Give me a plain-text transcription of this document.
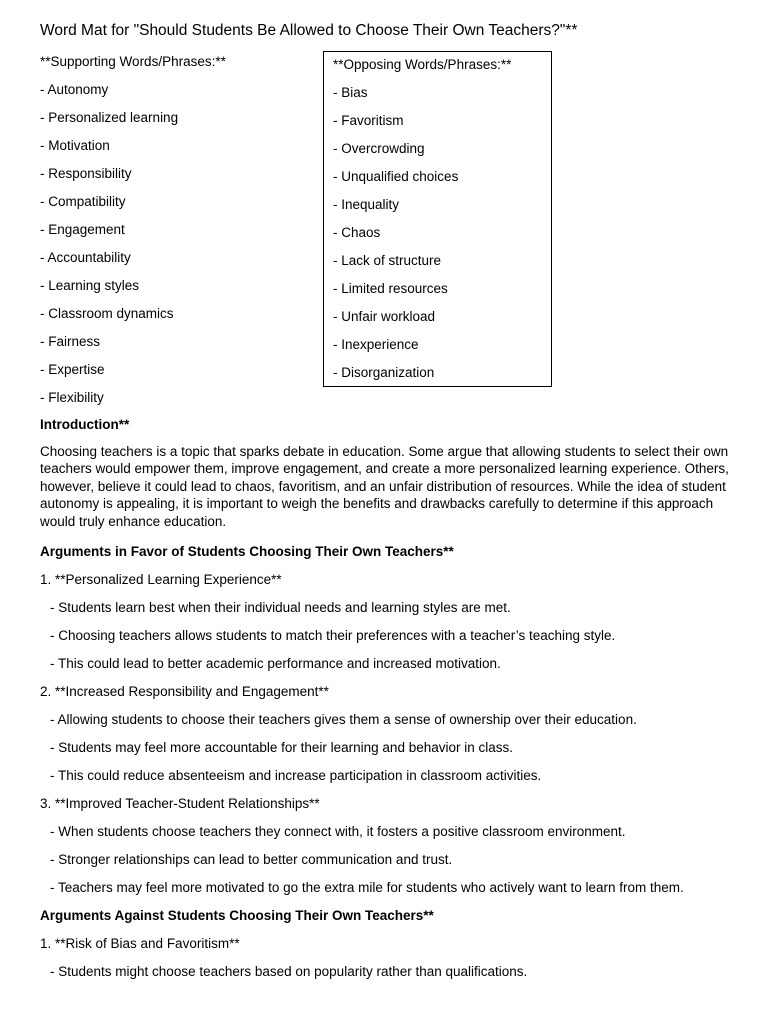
Word Mat for "Should Students Be Allowed to Choose Their Own Teachers?"**
**Supporting Words/Phrases:**
- Autonomy
- Personalized learning
- Motivation
- Responsibility
- Compatibility
- Engagement
- Accountability
- Learning styles
- Classroom dynamics
- Fairness
- Expertise
- Flexibility
**Opposing Words/Phrases:**
- Bias
- Favoritism
- Overcrowding
- Unqualified choices
- Inequality
- Chaos
- Lack of structure
- Limited resources
- Unfair workload
- Inexperience
- Disorganization
Introduction**
Choosing teachers is a topic that sparks debate in education. Some argue that allowing students to select their own teachers would empower them, improve engagement, and create a more personalized learning experience. Others, however, believe it could lead to chaos, favoritism, and an unfair distribution of resources. While the idea of student autonomy is appealing, it is important to weigh the benefits and drawbacks carefully to determine if this approach would truly enhance education.
Arguments in Favor of Students Choosing Their Own Teachers**
1. **Personalized Learning Experience**
- Students learn best when their individual needs and learning styles are met.
- Choosing teachers allows students to match their preferences with a teacher’s teaching style.
- This could lead to better academic performance and increased motivation.
2. **Increased Responsibility and Engagement**
- Allowing students to choose their teachers gives them a sense of ownership over their education.
- Students may feel more accountable for their learning and behavior in class.
- This could reduce absenteeism and increase participation in classroom activities.
3. **Improved Teacher-Student Relationships**
- When students choose teachers they connect with, it fosters a positive classroom environment.
- Stronger relationships can lead to better communication and trust.
- Teachers may feel more motivated to go the extra mile for students who actively want to learn from them.
Arguments Against Students Choosing Their Own Teachers**
1. **Risk of Bias and Favoritism**
- Students might choose teachers based on popularity rather than qualifications.
